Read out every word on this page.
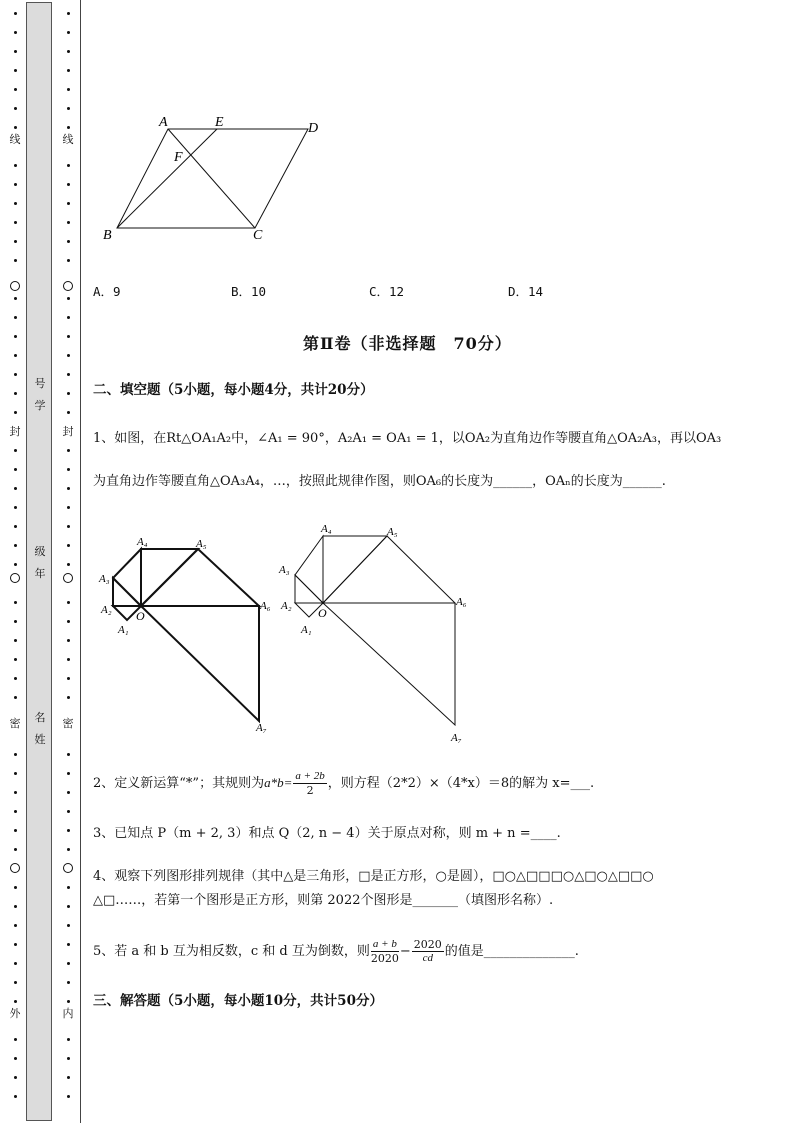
线
封
密
外
号
学
级
年
名
姓
线
封
密
内
A	E	D
F
B	C
A．9	B．10	C．12	D．14
第Ⅱ卷（非选择题　70分）
二、填空题（5小题，每小题4分，共计20分）
1、如图，在Rt△OA₁A₂中，∠A₁ = 90°，A₂A₁ = OA₁ = 1，以OA₂为直角边作等腰直角△OA₂A₃，再以OA₃
为直角边作等腰直角△OA₃A₄，…，按照此规律作图，则OA₆的长度为______，OAₙ的长度为______.
A₁
A₂
A₃
A₄	A₅
A₆
A₇
O
A₁
A₂
A₃
A₄	A₅
A₆
A₇
O
2、定义新运算“*”；其规则为$a*b= \frac{a + 2b}{2}$ ，则方程（2*2）×（4*x）＝8的解为 x=___.
3、已知点 P（m + 2, 3）和点 Q（2, n − 4）关于原点对称，则 m + n =____.
4、观察下列图形排列规律（其中△是三角形，□是正方形，○是圆），□○△□□□○△□○△□□○
△□……，若第一个图形是正方形，则第 2022个图形是_______（填图形名称）.
5、若 a 和 b 互为相反数，c 和 d 互为倒数，则 $\frac{a + b}{2020} - \frac{2020}{cd}$ 的值是______________.
三、解答题（5小题，每小题10分，共计50分）
